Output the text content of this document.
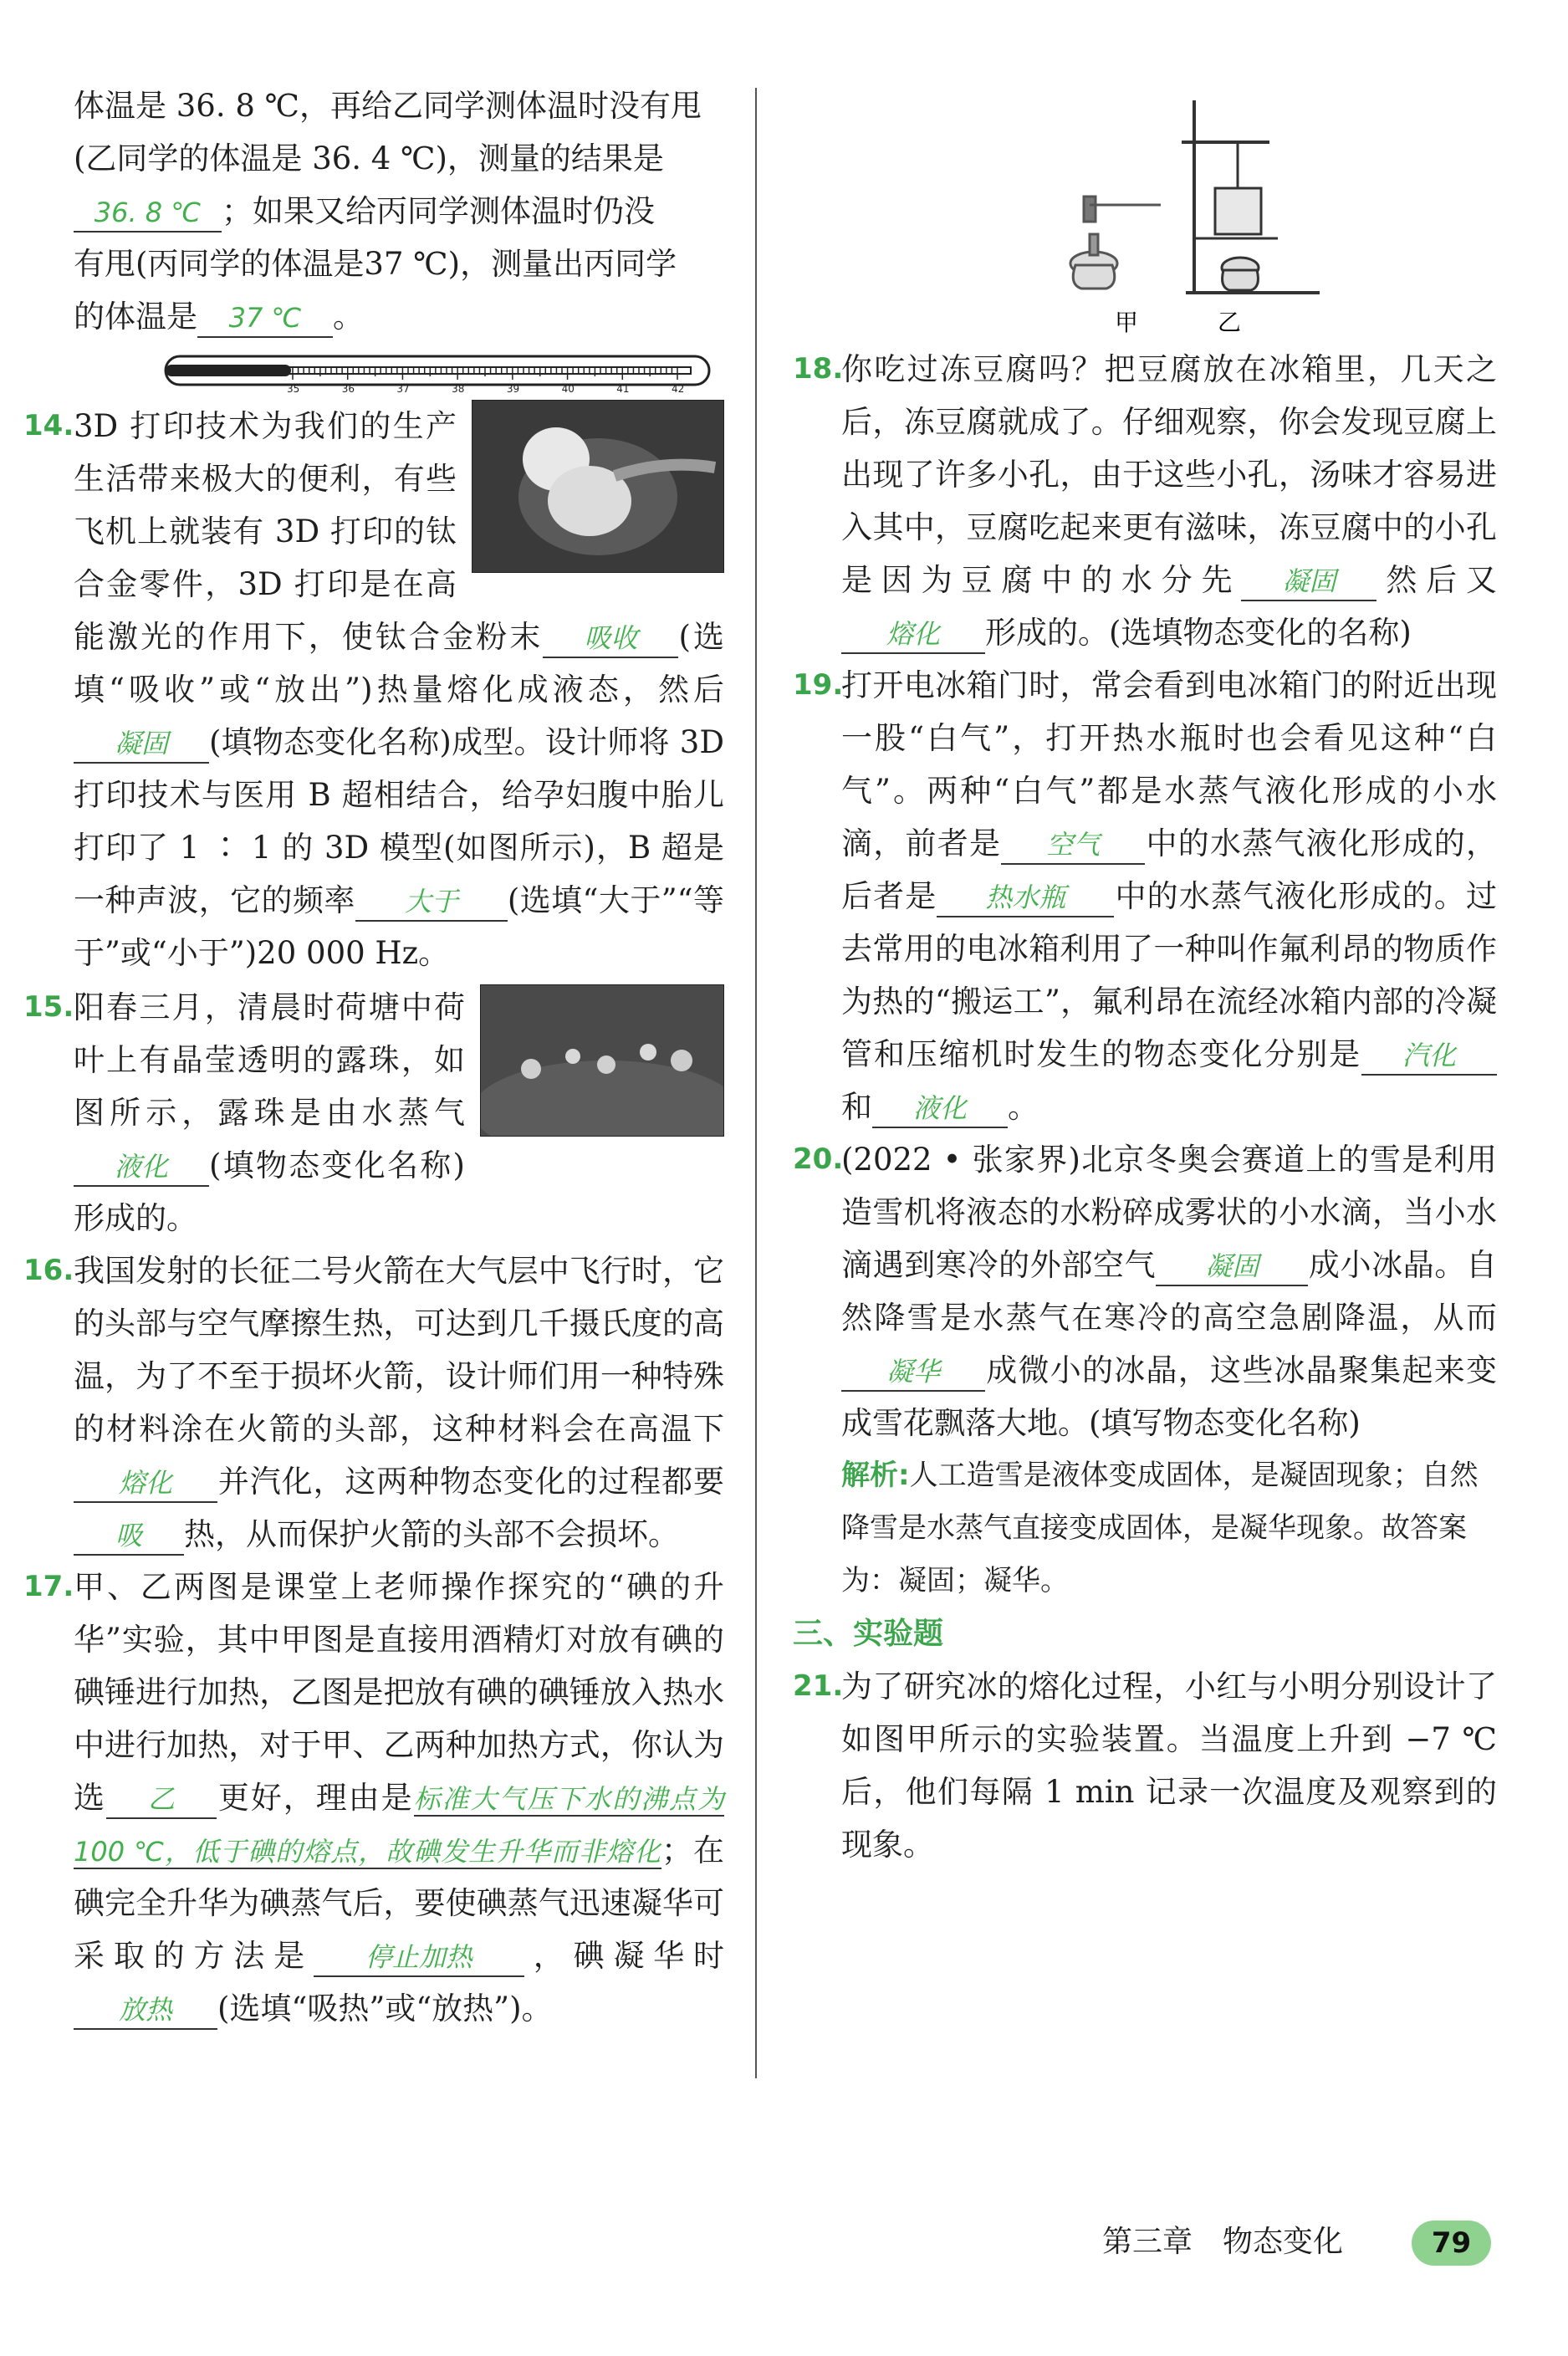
体温是 36. 8 ℃，再给乙同学测体温时没有甩

(乙同学的体温是 36. 4 ℃)，测量的结果是

36. 8 ℃ ；如果又给丙同学测体温时仍没

有甩(丙同学的体温是37 ℃)，测量出丙同学

的体温是 37 ℃ 。

35	36	37	38	39	40	41	42
14. 3D 打印技术为我们的生产生活带来极大的便利，有些飞机上就装有 3D 打印的钛合金零件，3D 打印是在高能激光的作用下，使钛合金粉末 吸收 (选填“吸收”或“放出”)热量熔化成液态，然后凝固 (填物态变化名称)成型。设计师将 3D 打印技术与医用 B 超相结合，给孕妇腹中胎儿打印了 1 ∶ 1 的 3D 模型(如图所示)，B 超是一种声波，它的频率 大于 (选填“大于”“等于”或“小于”)20 000 Hz。

15. 阳春三月，清晨时荷塘中荷叶上有晶莹透明的露珠，如图所示，露珠是由水蒸气液化 (填物态变化名称)形成的。

16. 我国发射的长征二号火箭在大气层中飞行时，它的头部与空气摩擦生热，可达到几千摄氏度的高温，为了不至于损坏火箭，设计师们用一种特殊的材料涂在火箭的头部，这种材料会在高温下熔化 并汽化，这两种物态变化的过程都要吸 热，从而保护火箭的头部不会损坏。

17. 甲、乙两图是课堂上老师操作探究的“碘的升华”实验，其中甲图是直接用酒精灯对放有碘的碘锤进行加热，乙图是把放有碘的碘锤放入热水中进行加热，对于甲、乙两种加热方式，你认为选 乙 更好，理由是标准大气压下水的沸点为 100 ℃，低于碘的熔点，故碘发生升华而非熔化；在碘完全升华为碘蒸气后，要使碘蒸气迅速凝华可采取的方法是 停止加热 ，碘凝华时放热 (选填“吸热”或“放热”)。

甲	乙
18.

你吃过冻豆腐吗？把豆腐放在冰箱里，几天之后，冻豆腐就成了。仔细观察，你会发现豆腐上出现了许多小孔，由于这些小孔，汤味才容易进入其中，豆腐吃起来更有滋味，冻豆腐中的小孔是因为豆腐中的水分先 凝固 然后又熔化 形成的。(选填物态变化的名称)

19.

打开电冰箱门时，常会看到电冰箱门的附近出现一股“白气”，打开热水瓶时也会看见这种“白气”。两种“白气”都是水蒸气液化形成的小水滴，前者是 空气 中的水蒸气液化形成的，后者是 热水瓶 中的水蒸气液化形成的。过去常用的电冰箱利用了一种叫作氟利昂的物质作为热的“搬运工”，氟利昂在流经冰箱内部的冷凝管和压缩机时发生的物态变化分别是 汽化和 液化 。

20.

(2022 • 张家界)北京冬奥会赛道上的雪是利用造雪机将液态的水粉碎成雾状的小水滴，当小水滴遇到寒冷的外部空气 凝固 成小冰晶。自然降雪是水蒸气在寒冷的高空急剧降温，从而凝华 成微小的冰晶，这些冰晶聚集起来变成雪花飘落大地。(填写物态变化名称)

解析:人工造雪是液体变成固体，是凝固现象；自然降雪是水蒸气直接变成固体，是凝华现象。故答案为：凝固；凝华。

三、实验题

21.

为了研究冰的熔化过程，小红与小明分别设计了如图甲所示的实验装置。当温度上升到 −7 ℃后，他们每隔 1 min 记录一次温度及观察到的现象。

第三章　物态变化	79
